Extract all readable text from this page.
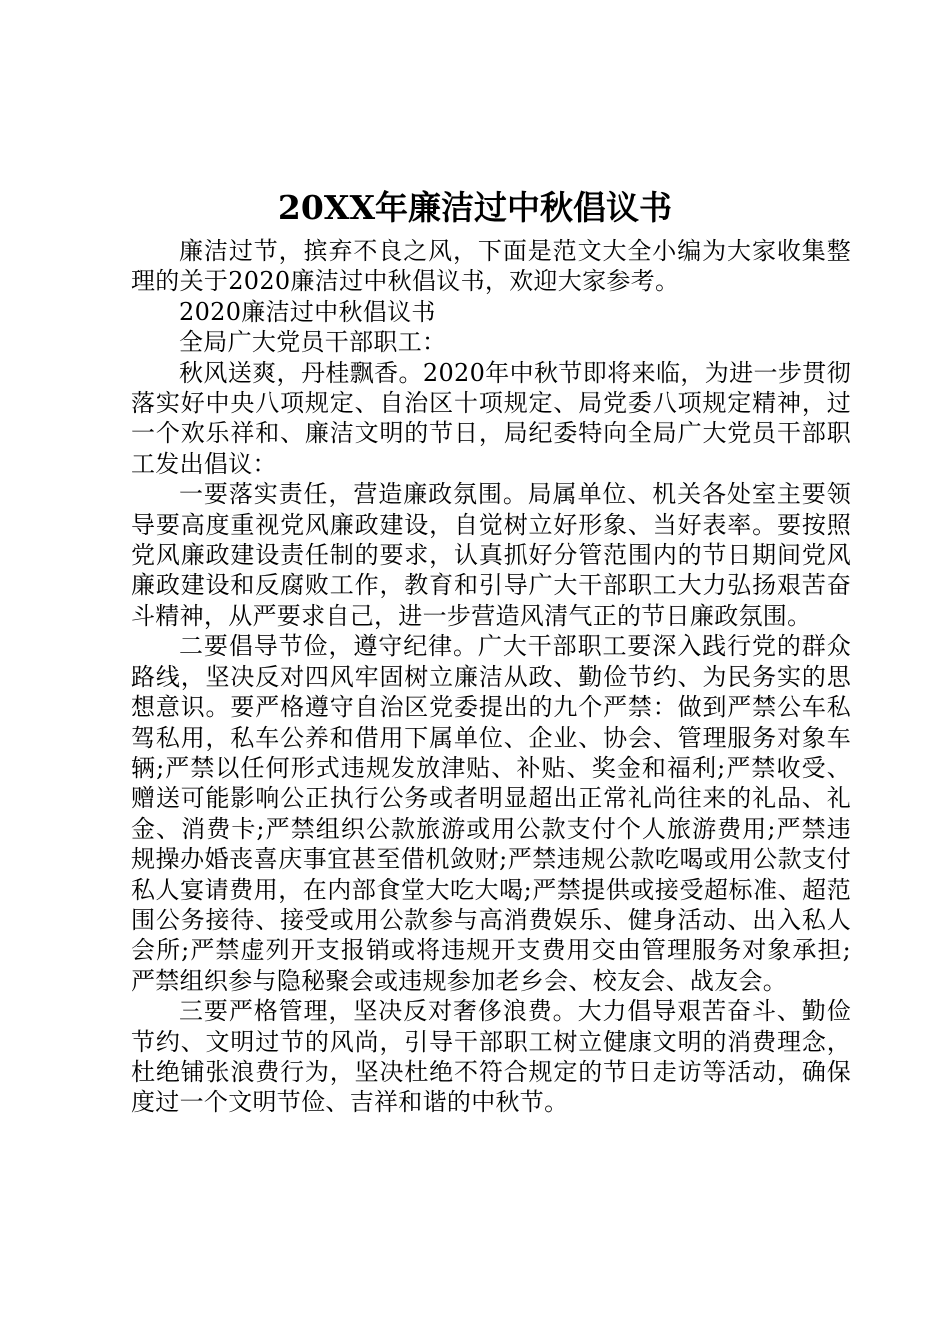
20XX年廉洁过中秋倡议书

廉洁过节，摈弃不良之风，下面是范文大全小编为大家收集整理的关于2020廉洁过中秋倡议书，欢迎大家参考。

2020廉洁过中秋倡议书

全局广大党员干部职工：

秋风送爽，丹桂飘香。2020年中秋节即将来临，为进一步贯彻落实好中央八项规定、自治区十项规定、局党委八项规定精神，过一个欢乐祥和、廉洁文明的节日，局纪委特向全局广大党员干部职工发出倡议：

一要落实责任，营造廉政氛围。局属单位、机关各处室主要领导要高度重视党风廉政建设，自觉树立好形象、当好表率。要按照党风廉政建设责任制的要求，认真抓好分管范围内的节日期间党风廉政建设和反腐败工作，教育和引导广大干部职工大力弘扬艰苦奋斗精神，从严要求自己，进一步营造风清气正的节日廉政氛围。

二要倡导节俭，遵守纪律。广大干部职工要深入践行党的群众路线，坚决反对四风牢固树立廉洁从政、勤俭节约、为民务实的思想意识。要严格遵守自治区党委提出的九个严禁：做到严禁公车私驾私用，私车公养和借用下属单位、企业、协会、管理服务对象车辆;严禁以任何形式违规发放津贴、补贴、奖金和福利;严禁收受、赠送可能影响公正执行公务或者明显超出正常礼尚往来的礼品、礼金、消费卡;严禁组织公款旅游或用公款支付个人旅游费用;严禁违规操办婚丧喜庆事宜甚至借机敛财;严禁违规公款吃喝或用公款支付私人宴请费用，在内部食堂大吃大喝;严禁提供或接受超标准、超范围公务接待、接受或用公款参与高消费娱乐、健身活动、出入私人会所;严禁虚列开支报销或将违规开支费用交由管理服务对象承担;严禁组织参与隐秘聚会或违规参加老乡会、校友会、战友会。

三要严格管理，坚决反对奢侈浪费。大力倡导艰苦奋斗、勤俭节约、文明过节的风尚，引导干部职工树立健康文明的消费理念，杜绝铺张浪费行为，坚决杜绝不符合规定的节日走访等活动，确保度过一个文明节俭、吉祥和谐的中秋节。
